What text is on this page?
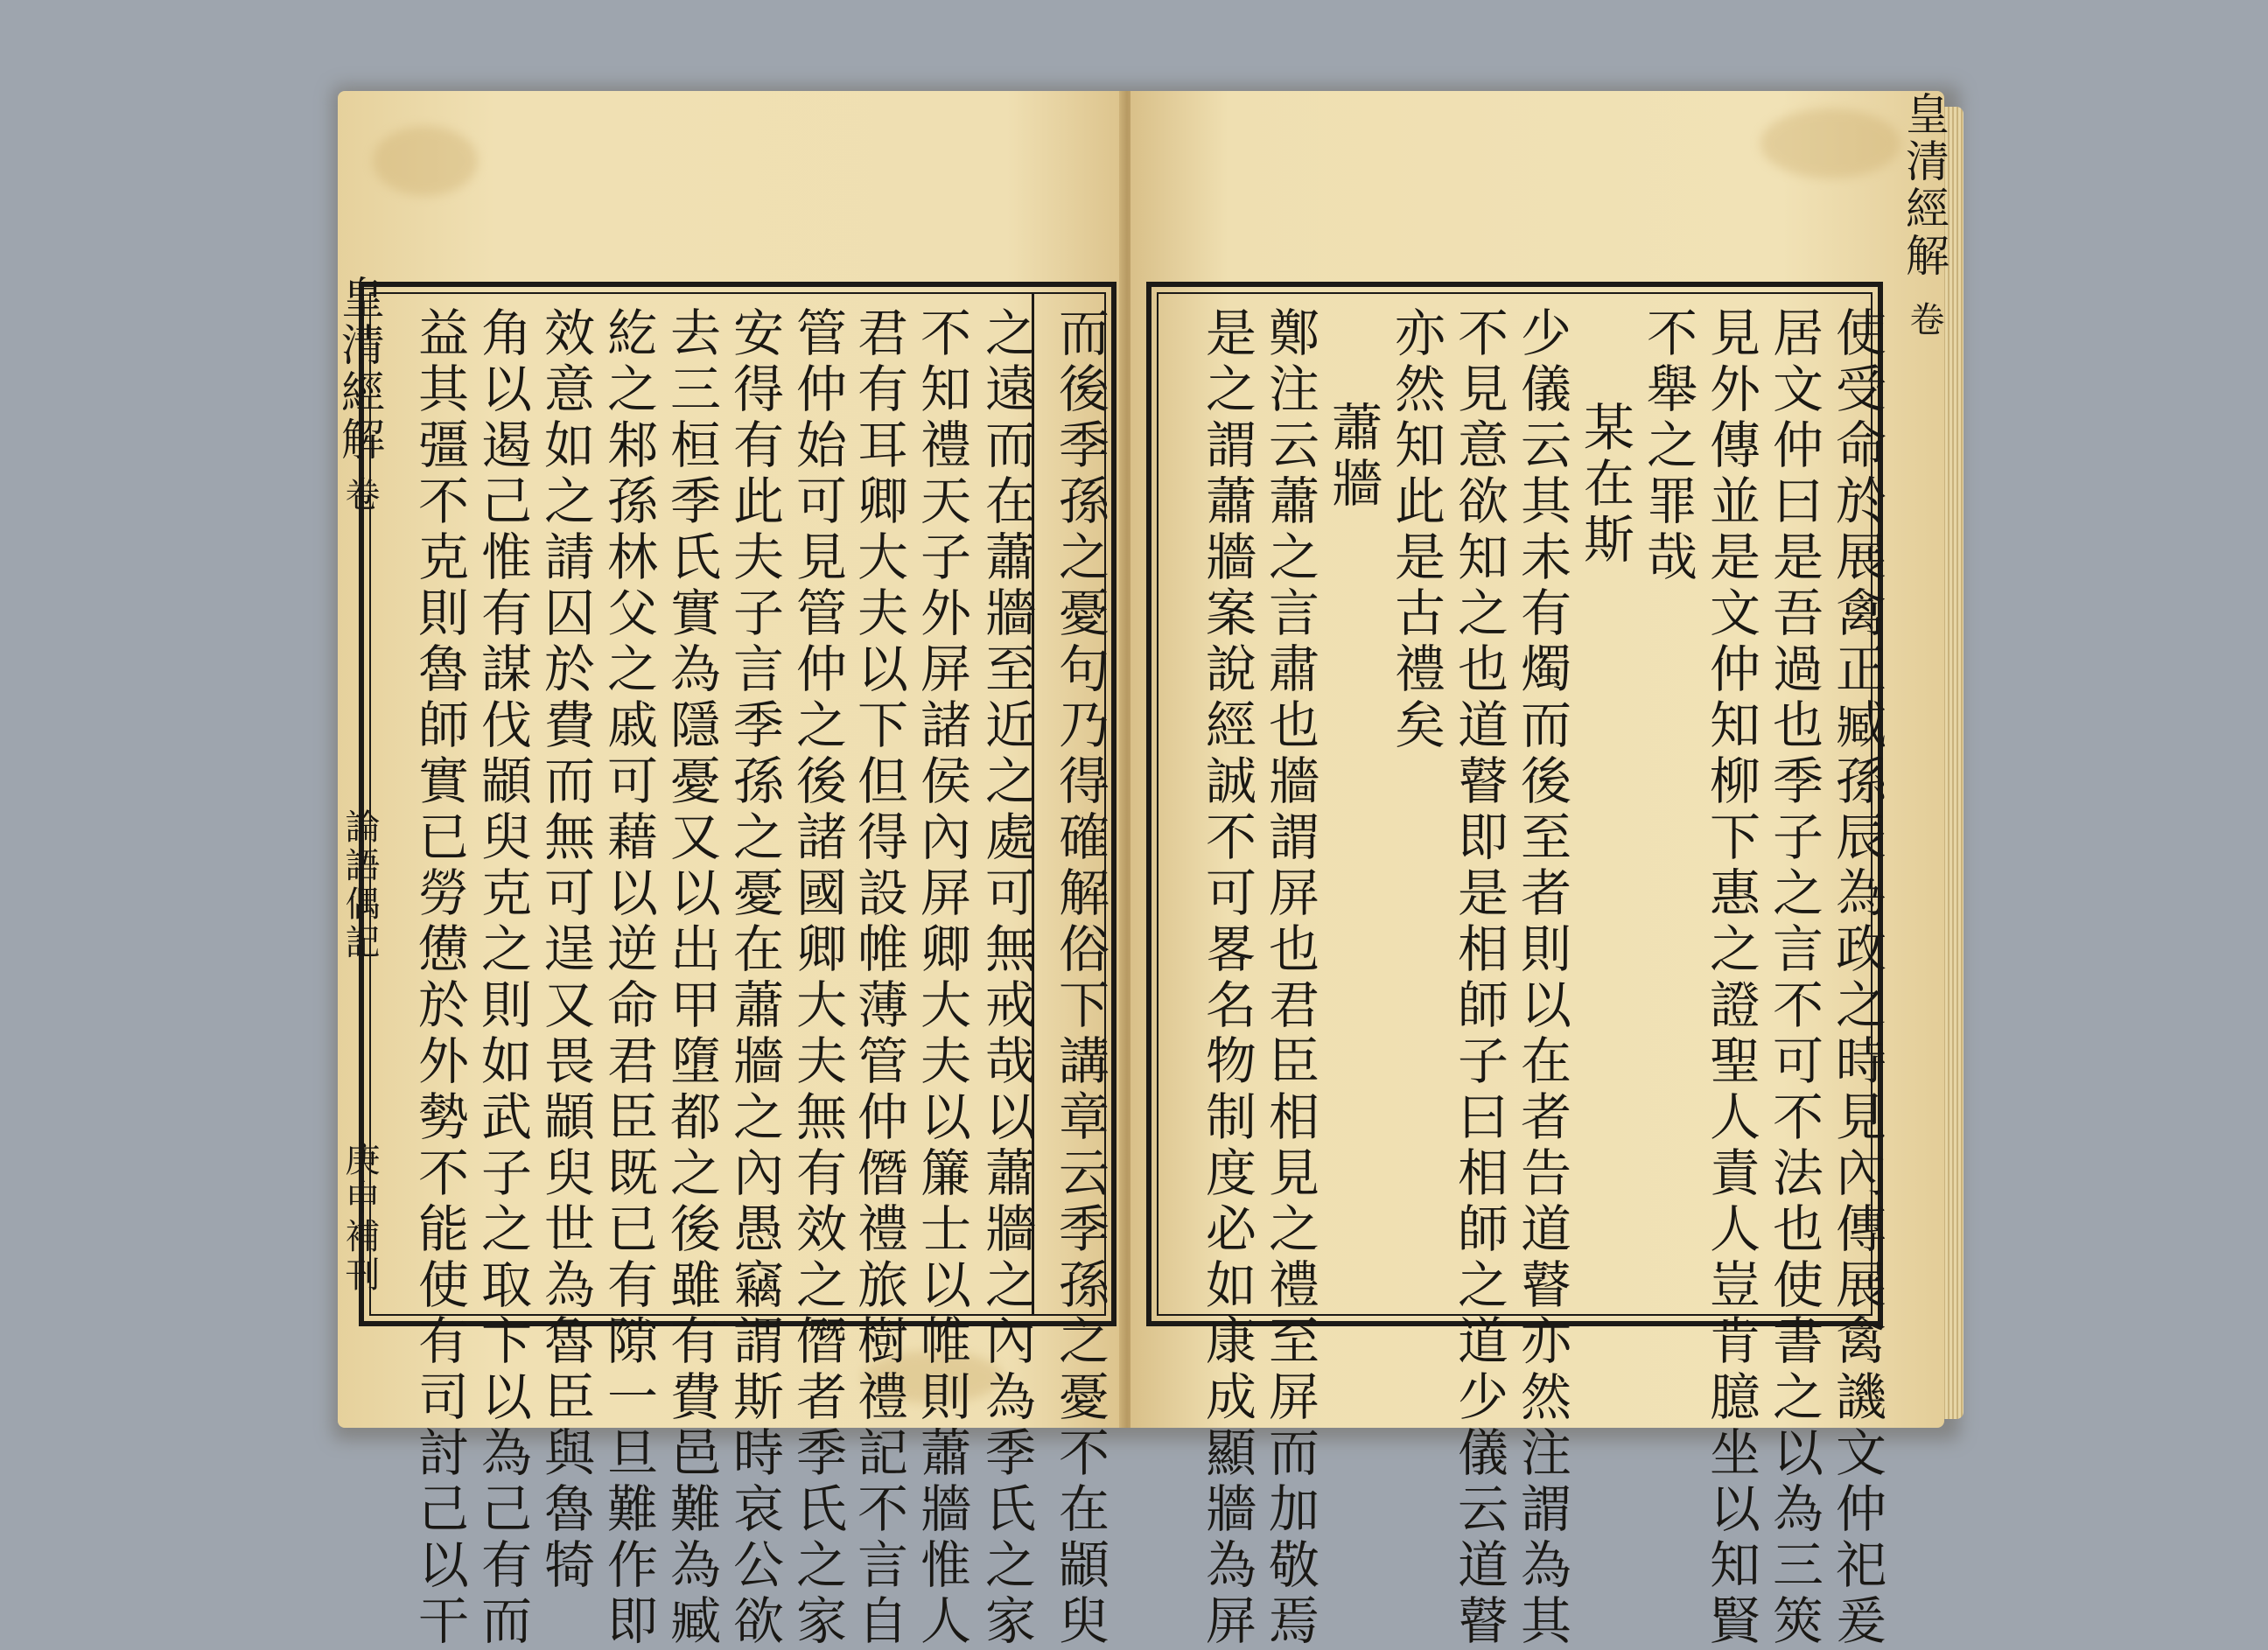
而後季孫之憂句乃得確解俗下講章云季孫之憂不在顓臾
之遠而在蕭牆至近之處可無戒哉以蕭牆之內為季氏之家
不知禮天子外屏諸侯內屏卿大夫以簾士以帷則蕭牆惟人
君有耳卿大夫以下但得設帷薄管仲僭禮旅樹禮記不言自
管仲始可見管仲之後諸國卿大夫無有效之僭者季氏之家
安得有此夫子言季孫之憂在蕭牆之內愚竊謂斯時哀公欲
去三桓季氏實為隱憂又以出甲墮都之後雖有費邑難為臧
紇之邾孫林父之戚可藉以逆命君臣既已有隙一旦難作即
效意如之請囚於費而無可逞又畏顓臾世為魯臣與魯犄
角以遏己惟有謀伐顓臾克之則如武子之取卞以為己有而
益其彊不克則魯師實已勞憊於外勢不能使有司討己以干
皇清經解
卷
論語偶記
庚申補刊
　　　　　　　　	使受命於展禽正臧孫辰為政之時見內傳展禽譏文仲祀爰
居文仲曰是吾過也季子之言不可不法也使書之以為三筴
見外傳並是文仲知柳下惠之證聖人責人豈肯臆坐以知賢
不舉之罪哉
某在斯
少儀云其未有燭而後至者則以在者告道瞽亦然注謂為其
不見意欲知之也道瞽即是相師子曰相師之道少儀云道瞽
亦然知此是古禮矣
蕭牆
鄭注云蕭之言肅也牆謂屏也君臣相見之禮至屏而加敬焉
是之謂蕭牆案說經誠不可畧名物制度必如康成顯牆為屏
皇清經解
卷
